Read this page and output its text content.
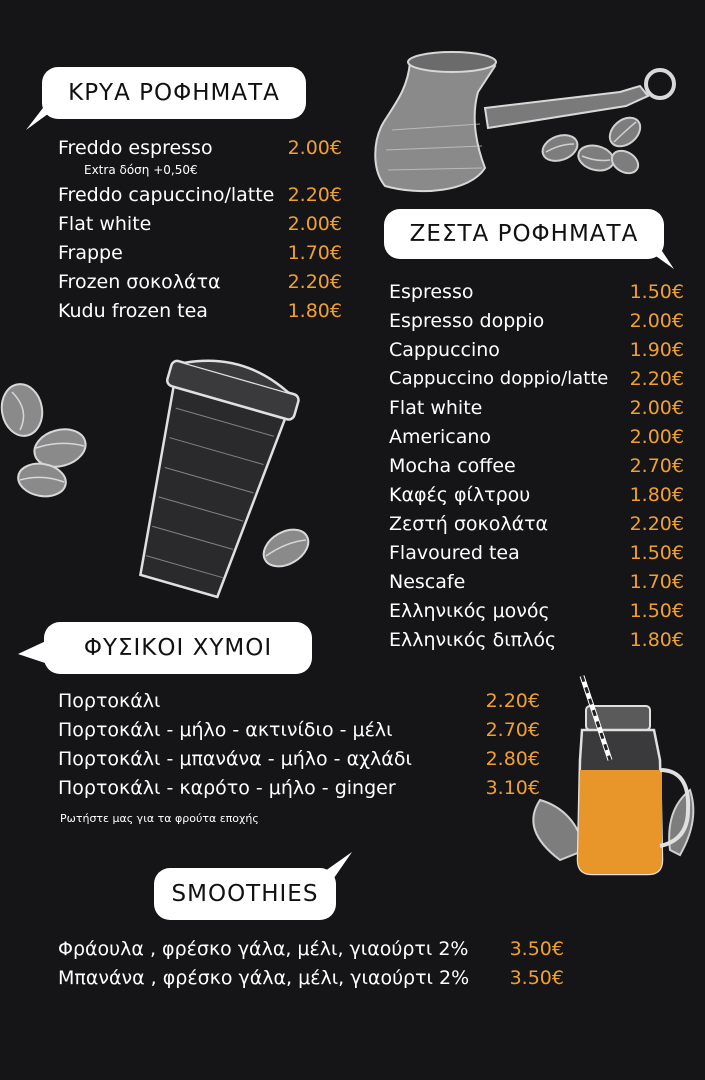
ΚΡΥΑ ΡΟΦΗΜΑΤΑ
Freddo espresso	2.00€
Extra δόση +0,50€
Freddo capuccino/latte 2.20€
Flat white	2.00€
Frappe	1.70€
Frozen σοκολάτα	2.20€
Kudu frozen tea	1.80€
ΖΕΣΤΑ ΡΟΦΗΜΑΤΑ
Espresso	1.50€
Espresso doppio	2.00€
Cappuccino	1.90€
Cappuccino doppio/latte 2.20€
Flat white	2.00€
Americano	2.00€
Mocha coffee	2.70€
Καφές φίλτρου	1.80€
Ζεστή σοκολάτα	2.20€
Flavoured tea	1.50€
Nescafe	1.70€
Ελληνικός μονός	1.50€
Ελληνικός διπλός	1.80€
ΦΥΣΙΚΟΙ ΧΥΜΟΙ
Πορτοκάλι	2.20€
Πορτοκάλι - μήλο - ακτινίδιο - μέλι	2.70€
Πορτοκάλι - μπανάνα - μήλο - αχλάδι	2.80€
Πορτοκάλι - καρότο - μήλο - ginger	3.10€
Ρωτήστε μας για τα φρούτα εποχής
SMOOTHIES
Φράουλα , φρέσκο γάλα, μέλι, γιαούρτι 2% 3.50€
Μπανάνα , φρέσκο γάλα, μέλι, γιαούρτι 2% 3.50€
